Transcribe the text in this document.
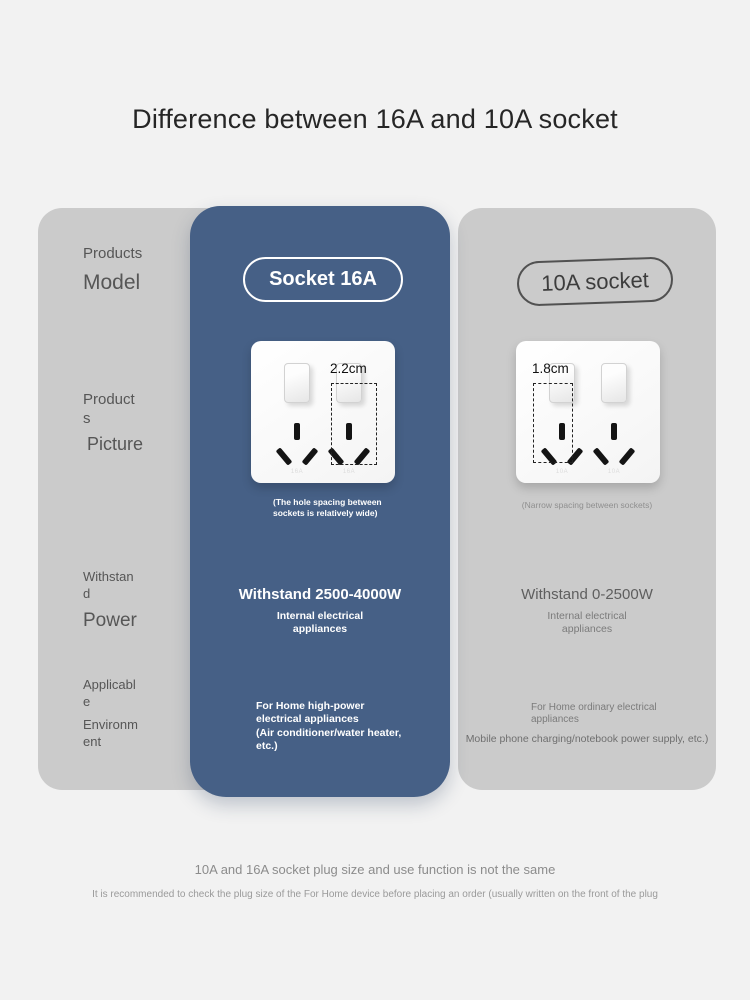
Difference between 16A and 10A socket
Products
Model
Products
Picture
Withstand
Power
Applicable
Environment
Socket 16A
16A	16A
2.2cm
(The hole spacing between sockets is relatively wide)
Withstand 2500-4000W
Internal electrical appliances
For Home high-power electrical appliances
(Air conditioner/water heater, etc.)
10A socket
10A	10A
1.8cm
(Narrow spacing between sockets)
Withstand 0-2500W
Internal electrical appliances
For Home ordinary electrical appliances
Mobile phone charging/notebook power supply, etc.)
10A and 16A socket plug size and use function is not the same
It is recommended to check the plug size of the For Home device before placing an order (usually written on the front of the plug
